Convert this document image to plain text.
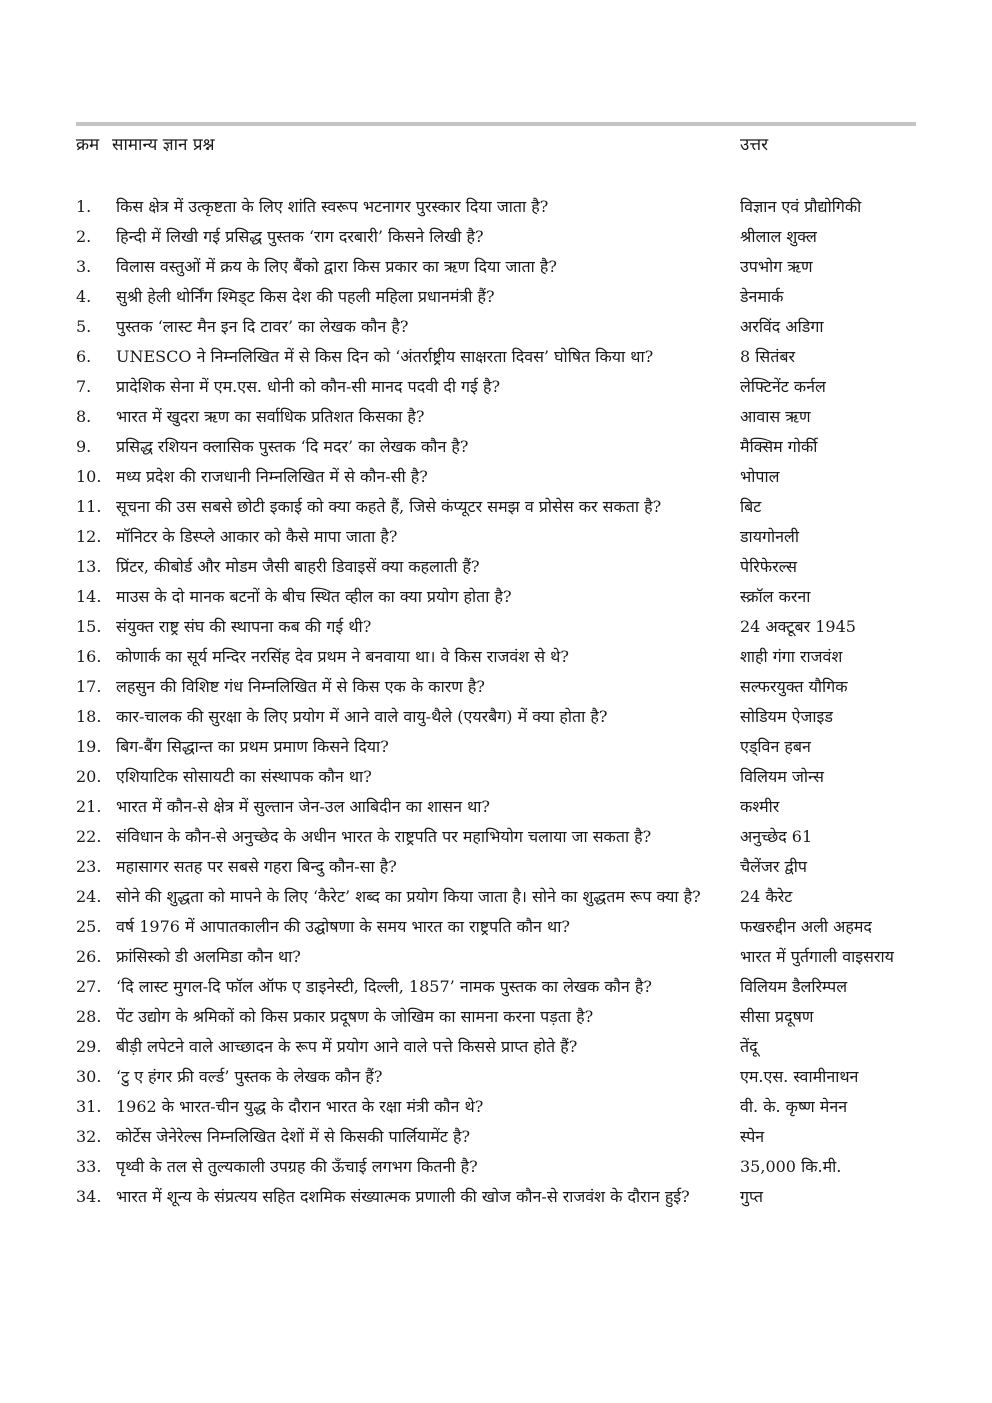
क्रम सामान्य ज्ञान प्रश्न	उत्तर
1.	किस क्षेत्र में उत्कृष्टता के लिए शांति स्वरूप भटनागर पुरस्कार दिया जाता है?	विज्ञान एवं प्रौद्योगिकी
2.	हिन्दी में लिखी गई प्रसिद्ध पुस्तक ‘राग दरबारी’ किसने लिखी है?	श्रीलाल शुक्ल
3.	विलास वस्तुओं में क्रय के लिए बैंको द्वारा किस प्रकार का ऋण दिया जाता है?	उपभोग ऋण
4.	सुश्री हेली थोर्निंग श्मिड्ट किस देश की पहली महिला प्रधानमंत्री हैं?	डेनमार्क
5.	पुस्तक ‘लास्ट मैन इन दि टावर’ का लेखक कौन है?	अरविंद अडिगा
6.	UNESCO ने निम्नलिखित में से किस दिन को ‘अंतर्राष्ट्रीय साक्षरता दिवस’ घोषित किया था?	8 सितंबर
7.	प्रादेशिक सेना में एम.एस. धोनी को कौन-सी मानद पदवी दी गई है?	लेफ्टिनेंट कर्नल
8.	भारत में खुदरा ऋण का सर्वाधिक प्रतिशत किसका है?	आवास ऋण
9.	प्रसिद्ध रशियन क्लासिक पुस्तक ‘दि मदर’ का लेखक कौन है?	मैक्सिम गोर्की
10. मध्य प्रदेश की राजधानी निम्नलिखित में से कौन-सी है?	भोपाल
11. सूचना की उस सबसे छोटी इकाई को क्या कहते हैं, जिसे कंप्यूटर समझ व प्रोसेस कर सकता है?	बिट
12. मॉनिटर के डिस्प्ले आकार को कैसे मापा जाता है?	डायगोनली
13. प्रिंटर, कीबोर्ड और मोडम जैसी बाहरी डिवाइसें क्या कहलाती हैं?	पेरिफेरल्स
14. माउस के दो मानक बटनों के बीच स्थित व्हील का क्या प्रयोग होता है?	स्क्रॉल करना
15. संयुक्त राष्ट्र संघ की स्थापना कब की गई थी?	24 अक्टूबर 1945
16. कोणार्क का सूर्य मन्दिर नरसिंह देव प्रथम ने बनवाया था। वे किस राजवंश से थे?	शाही गंगा राजवंश
17. लहसुन की विशिष्ट गंध निम्नलिखित में से किस एक के कारण है?	सल्फरयुक्त यौगिक
18. कार-चालक की सुरक्षा के लिए प्रयोग में आने वाले वायु-थैले (एयरबैग) में क्या होता है?	सोडियम ऐजाइड
19. बिग-बैंग सिद्धान्त का प्रथम प्रमाण किसने दिया?	एड्विन हबन
20. एशियाटिक सोसायटी का संस्थापक कौन था?	विलियम जोन्स
21. भारत में कौन-से क्षेत्र में सुल्तान जेन-उल आबिदीन का शासन था?	कश्मीर
22. संविधान के कौन-से अनुच्छेद के अधीन भारत के राष्ट्रपति पर महाभियोग चलाया जा सकता है?	अनुच्छेद 61
23. महासागर सतह पर सबसे गहरा बिन्दु कौन-सा है?	चैलेंजर द्वीप
24. सोने की शुद्धता को मापने के लिए ‘कैरेट’ शब्द का प्रयोग किया जाता है। सोने का शुद्धतम रूप क्या है?	24 कैरेट
25. वर्ष 1976 में आपातकालीन की उद्घोषणा के समय भारत का राष्ट्रपति कौन था?	फखरुद्दीन अली अहमद
26. फ्रांसिस्को डी अलमिडा कौन था?	भारत में पुर्तगाली वाइसराय
27. ‘दि लास्ट मुगल-दि फॉल ऑफ ए डाइनेस्टी, दिल्ली, 1857’ नामक पुस्तक का लेखक कौन है?	विलियम डैलरिम्पल
28. पेंट उद्योग के श्रमिकों को किस प्रकार प्रदूषण के जोखिम का सामना करना पड़ता है?	सीसा प्रदूषण
29. बीड़ी लपेटने वाले आच्छादन के रूप में प्रयोग आने वाले पत्ते किससे प्राप्त होते हैं?	तेंदू
30. ‘टु ए हंगर फ्री वर्ल्ड’ पुस्तक के लेखक कौन हैं?	एम.एस. स्वामीनाथन
31. 1962 के भारत-चीन युद्ध के दौरान भारत के रक्षा मंत्री कौन थे?	वी. के. कृष्ण मेनन
32. कोर्टेस जेनेरेल्स निम्नलिखित देशों में से किसकी पार्लियामेंट है?	स्पेन
33. पृथ्वी के तल से तुल्यकाली उपग्रह की ऊँचाई लगभग कितनी है?	35,000 कि.मी.
34. भारत में शून्य के संप्रत्यय सहित दशमिक संख्यात्मक प्रणाली की खोज कौन-से राजवंश के दौरान हुई?	गुप्त
